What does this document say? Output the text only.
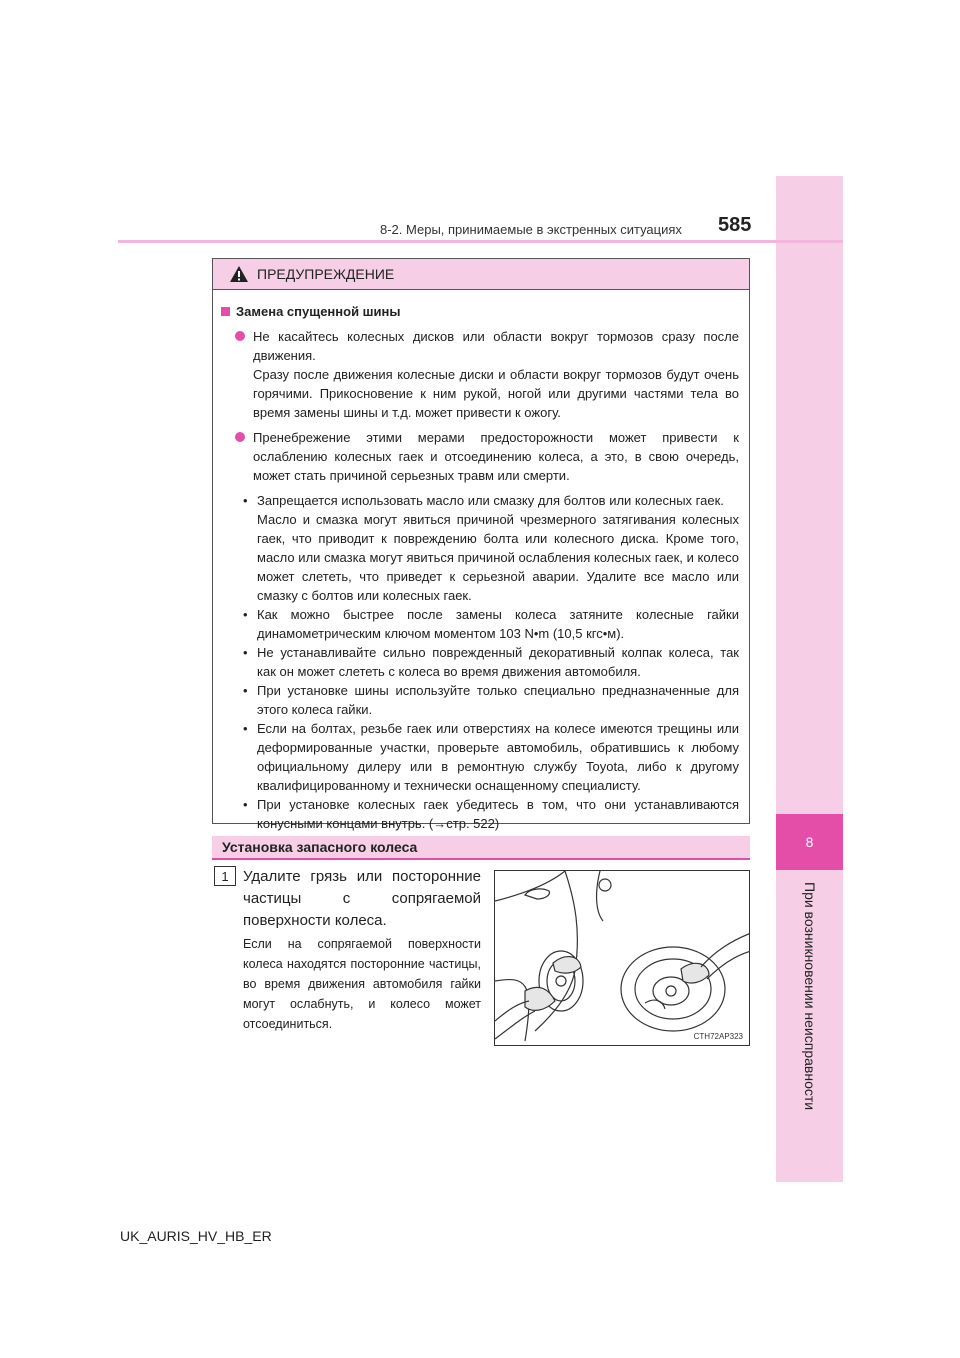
8
При возникновении неисправности
8-2. Меры, принимаемые в экстренных ситуациях 585
ПРЕДУПРЕЖДЕНИЕ
Замена спущенной шины
Не касайтесь колесных дисков или области вокруг тормозов сразу после движения.
Сразу после движения колесные диски и области вокруг тормозов будут очень горячими. Прикосновение к ним рукой, ногой или другими частями тела во время замены шины и т.д. может привести к ожогу.
Пренебрежение этими мерами предосторожности может привести к ослаблению колесных гаек и отсоединению колеса, а это, в свою очередь, может стать причиной серьезных травм или смерти.
• Запрещается использовать масло или смазку для болтов или колесных гаек.
Масло и смазка могут явиться причиной чрезмерного затягивания колесных гаек, что приводит к повреждению болта или колесного диска. Кроме того, масло или смазка могут явиться причиной ослабления колесных гаек, и колесо может слететь, что приведет к серьезной аварии. Удалите все масло или смазку с болтов или колесных гаек.
• Как можно быстрее после замены колеса затяните колесные гайки динамометрическим ключом моментом 103 N•m (10,5 кгс•м).
• Не устанавливайте сильно поврежденный декоративный колпак колеса, так как он может слететь с колеса во время движения автомобиля.
• При установке шины используйте только специально предназначенные для этого колеса гайки.
• Если на болтах, резьбе гаек или отверстиях на колесе имеются трещины или деформированные участки, проверьте автомобиль, обратившись к любому официальному дилеру или в ремонтную службу Toyota, либо к другому квалифицированному и технически оснащенному специалисту.
• При установке колесных гаек убедитесь в том, что они устанавливаются конусными концами внутрь. (→стр. 522)
Установка запасного колеса
1 Удалите грязь или посторонние частицы с сопрягаемой поверхности колеса.
Если на сопрягаемой поверхности колеса находятся посторонние частицы, во время движения автомобиля гайки могут ослабнуть, и колесо может отсоединиться.
CTH72AP323
UK_AURIS_HV_HB_ER
